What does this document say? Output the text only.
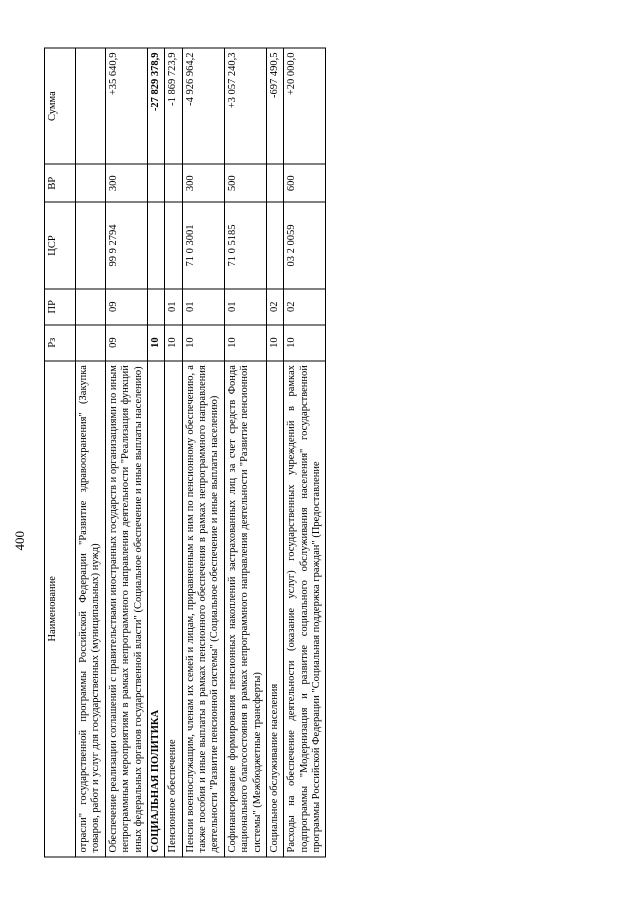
400
Наименование	Рз	ПР	ЦСР	ВР	Сумма
отрасли" государственной программы Российской Федерации "Развитие здравоохранения" (Закупка товаров, работ и услуг для государственных (муниципальных) нужд)					
Обеспечение реализации соглашений с правительствами иностранных государств и организациями по иным непрограммным мероприятиям в рамках непрограммного направления деятельности "Реализация функций иных федеральных органов государственной власти" (Социальное обеспечение и иные выплаты населению)	09	09	99 9 2794	300	+35 640,9
СОЦИАЛЬНАЯ ПОЛИТИКА	10				-27 829 378,9
Пенсионное обеспечение	10	01			-1 869 723,9
Пенсии военнослужащим, членам их семей и лицам, приравненным к ним по пенсионному обеспечению, а также пособия и иные выплаты в рамках пенсионного обеспечения в рамках непрограммного направления деятельности "Развитие пенсионной системы" (Социальное обеспечение и иные выплаты населению)	10	01	71 0 3001	300	-4 926 964,2
Софинансирование формирования пенсионных накоплений застрахованных лиц за счет средств Фонда национального благосостояния в рамках непрограммного направления деятельности "Развитие пенсионной системы" (Межбюджетные трансферты)	10	01	71 0 5185	500	+3 057 240,3
Социальное обслуживание населения	10	02			-697 490,5
Расходы на обеспечение деятельности (оказание услуг) государственных учреждений в рамках подпрограммы "Модернизация и развитие социального обслуживания населения" государственной программы Российской Федерации "Социальная поддержка граждан" (Предоставление	10	02	03 2 0059	600	+20 000,0
